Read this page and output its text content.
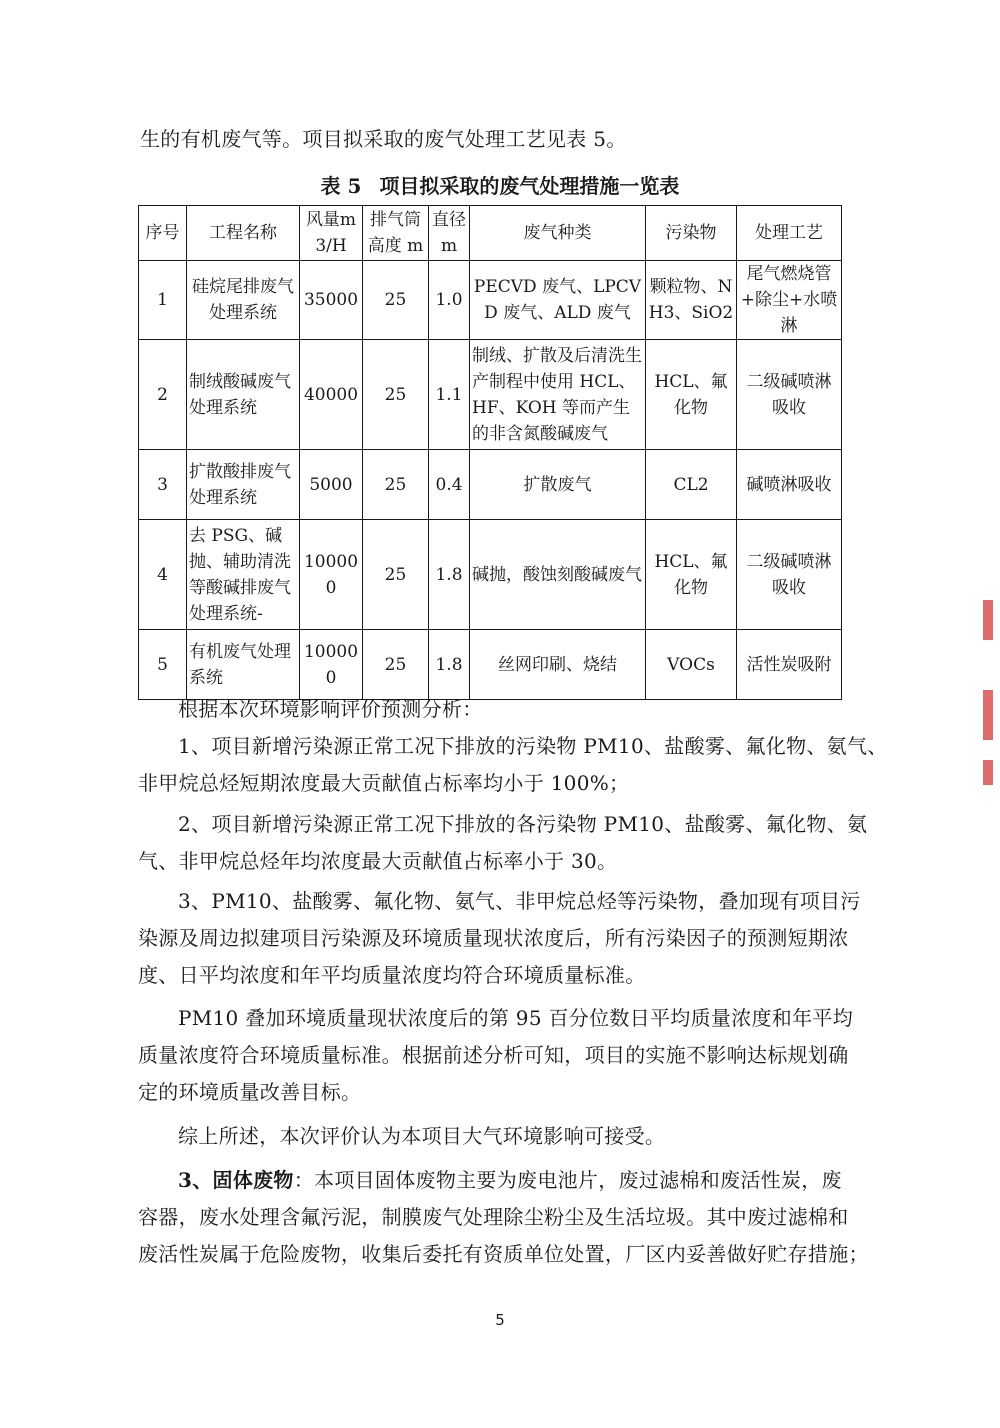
生的有机废气等。项目拟采取的废气处理工艺见表 5。
表 5 项目拟采取的废气处理措施一览表
序号	工程名称	风量m3/H	排气筒高度 m	直径m	废气种类	污染物	处理工艺
1	硅烷尾排废气处理系统	35000	25	1.0	PECVD 废气、LPCVD 废气、ALD 废气	颗粒物、NH3、SiO2	尾气燃烧管+除尘+水喷淋
2	制绒酸碱废气处理系统	40000	25	1.1	制绒、扩散及后清洗生产制程中使用 HCL、HF、KOH 等而产生的非含氮酸碱废气	HCL、氟化物	二级碱喷淋吸收
3	扩散酸排废气处理系统	5000	25	0.4	扩散废气	CL2	碱喷淋吸收
4	去 PSG、碱抛、辅助清洗等酸碱排废气处理系统-	100000	25	1.8	碱抛，酸蚀刻酸碱废气	HCL、氟化物	二级碱喷淋吸收
5	有机废气处理系统	100000	25	1.8	丝网印刷、烧结	VOCs	活性炭吸附
根据本次环境影响评价预测分析：
1、项目新增污染源正常工况下排放的污染物 PM10、盐酸雾、氟化物、氨气、
非甲烷总烃短期浓度最大贡献值占标率均小于 100%；
2、项目新增污染源正常工况下排放的各污染物 PM10、盐酸雾、氟化物、氨
气、非甲烷总烃年均浓度最大贡献值占标率小于 30。
3、PM10、盐酸雾、氟化物、氨气、非甲烷总烃等污染物，叠加现有项目污
染源及周边拟建项目污染源及环境质量现状浓度后，所有污染因子的预测短期浓
度、日平均浓度和年平均质量浓度均符合环境质量标准。
PM10 叠加环境质量现状浓度后的第 95 百分位数日平均质量浓度和年平均
质量浓度符合环境质量标准。根据前述分析可知，项目的实施不影响达标规划确
定的环境质量改善目标。
综上所述，本次评价认为本项目大气环境影响可接受。
3、固体废物：本项目固体废物主要为废电池片，废过滤棉和废活性炭，废
容器，废水处理含氟污泥，制膜废气处理除尘粉尘及生活垃圾。其中废过滤棉和
废活性炭属于危险废物，收集后委托有资质单位处置，厂区内妥善做好贮存措施；
5
